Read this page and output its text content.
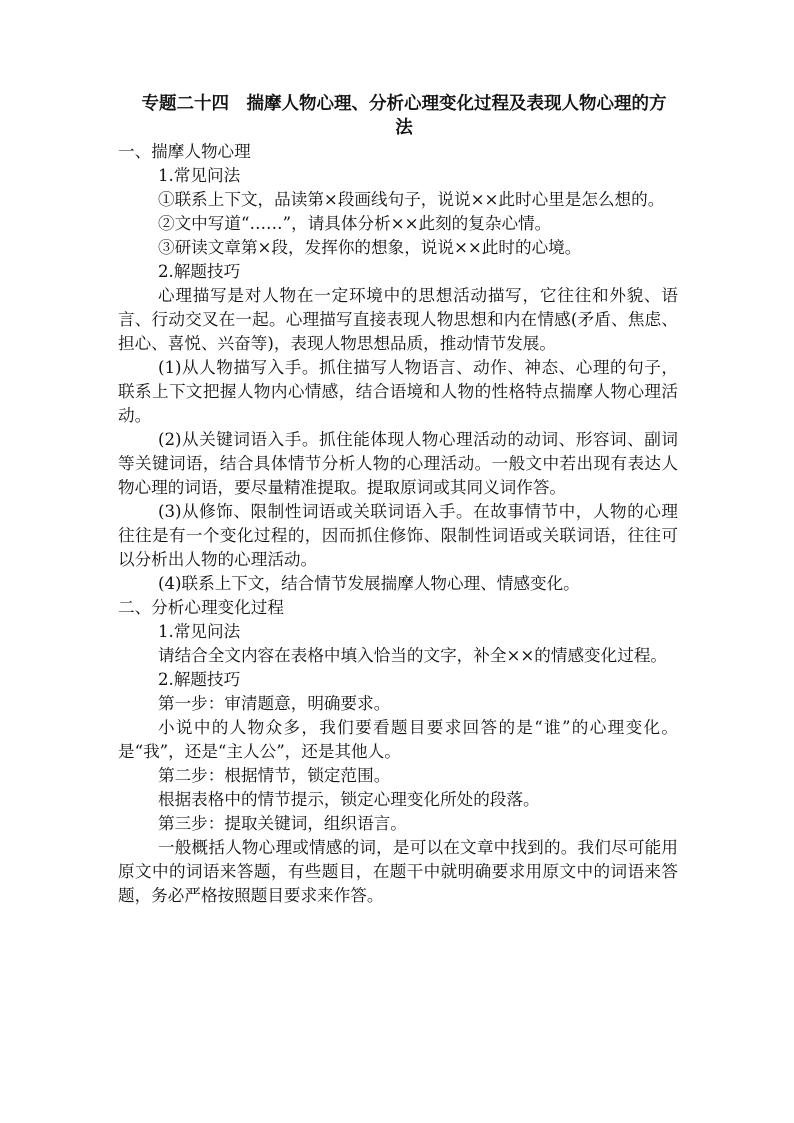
专题二十四　揣摩人物心理、分析心理变化过程及表现人物心理的方法
一、揣摩人物心理
1.常见问法
①联系上下文，品读第×段画线句子，说说××此时心里是怎么想的。
②文中写道“……”，请具体分析××此刻的复杂心情。
③研读文章第×段，发挥你的想象，说说××此时的心境。
2.解题技巧
心理描写是对人物在一定环境中的思想活动描写，它往往和外貌、语言、行动交叉在一起。心理描写直接表现人物思想和内在情感(矛盾、焦虑、担心、喜悦、兴奋等)，表现人物思想品质，推动情节发展。
(1)从人物描写入手。抓住描写人物语言、动作、神态、心理的句子，联系上下文把握人物内心情感，结合语境和人物的性格特点揣摩人物心理活动。
(2)从关键词语入手。抓住能体现人物心理活动的动词、形容词、副词等关键词语，结合具体情节分析人物的心理活动。一般文中若出现有表达人物心理的词语，要尽量精准提取。提取原词或其同义词作答。
(3)从修饰、限制性词语或关联词语入手。在故事情节中，人物的心理往往是有一个变化过程的，因而抓住修饰、限制性词语或关联词语，往往可以分析出人物的心理活动。
(4)联系上下文，结合情节发展揣摩人物心理、情感变化。
二、分析心理变化过程
1.常见问法
请结合全文内容在表格中填入恰当的文字，补全××的情感变化过程。
2.解题技巧
第一步：审清题意，明确要求。
小说中的人物众多，我们要看题目要求回答的是“谁”的心理变化。是“我”，还是“主人公”，还是其他人。
第二步：根据情节，锁定范围。
根据表格中的情节提示，锁定心理变化所处的段落。
第三步：提取关键词，组织语言。
一般概括人物心理或情感的词，是可以在文章中找到的。我们尽可能用原文中的词语来答题，有些题目，在题干中就明确要求用原文中的词语来答题，务必严格按照题目要求来作答。
